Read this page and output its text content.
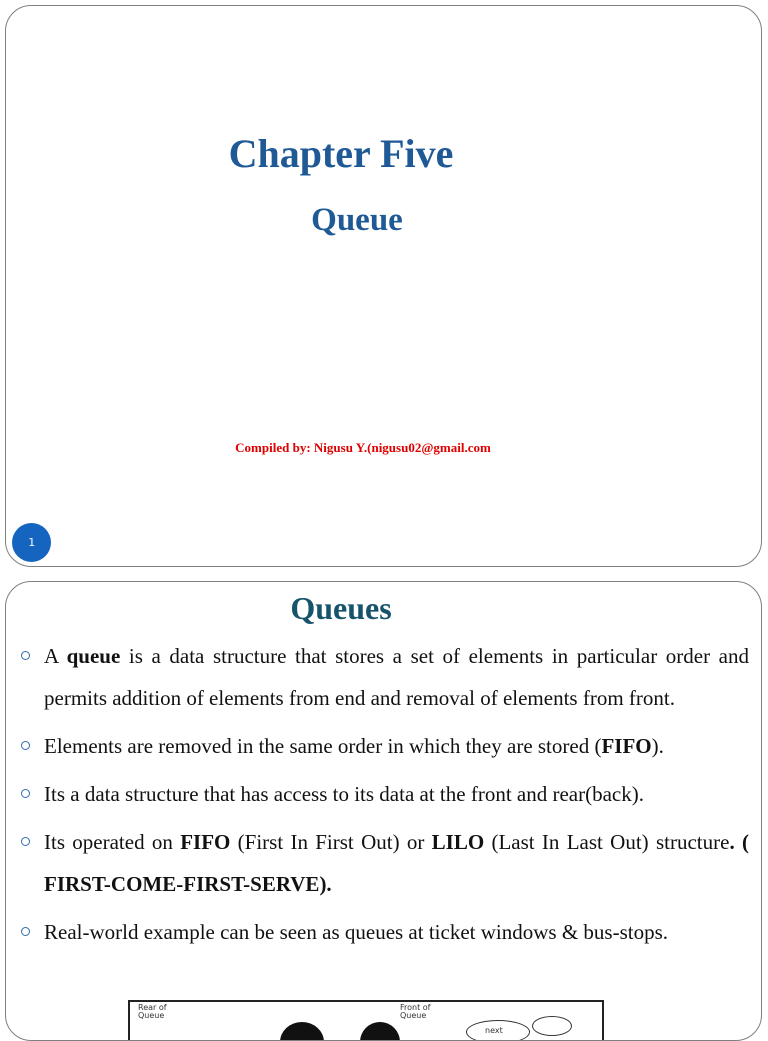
Chapter Five
Queue
Compiled by: Nigusu Y.(nigusu02@gmail.com
1
Queues
A queue is a data structure that stores a set of elements in particular order and permits addition of elements from end and removal of elements from front.
Elements are removed in the same order in which they are stored (FIFO).
Its a data structure that has access to its data at the front and rear(back).
Its operated on FIFO (First In First Out) or LILO (Last In Last Out) structure. ( FIRST-COME-FIRST-SERVE).
Real-world example can be seen as queues at ticket windows & bus-stops.
Rear of
Queue
Front of
Queue
next
